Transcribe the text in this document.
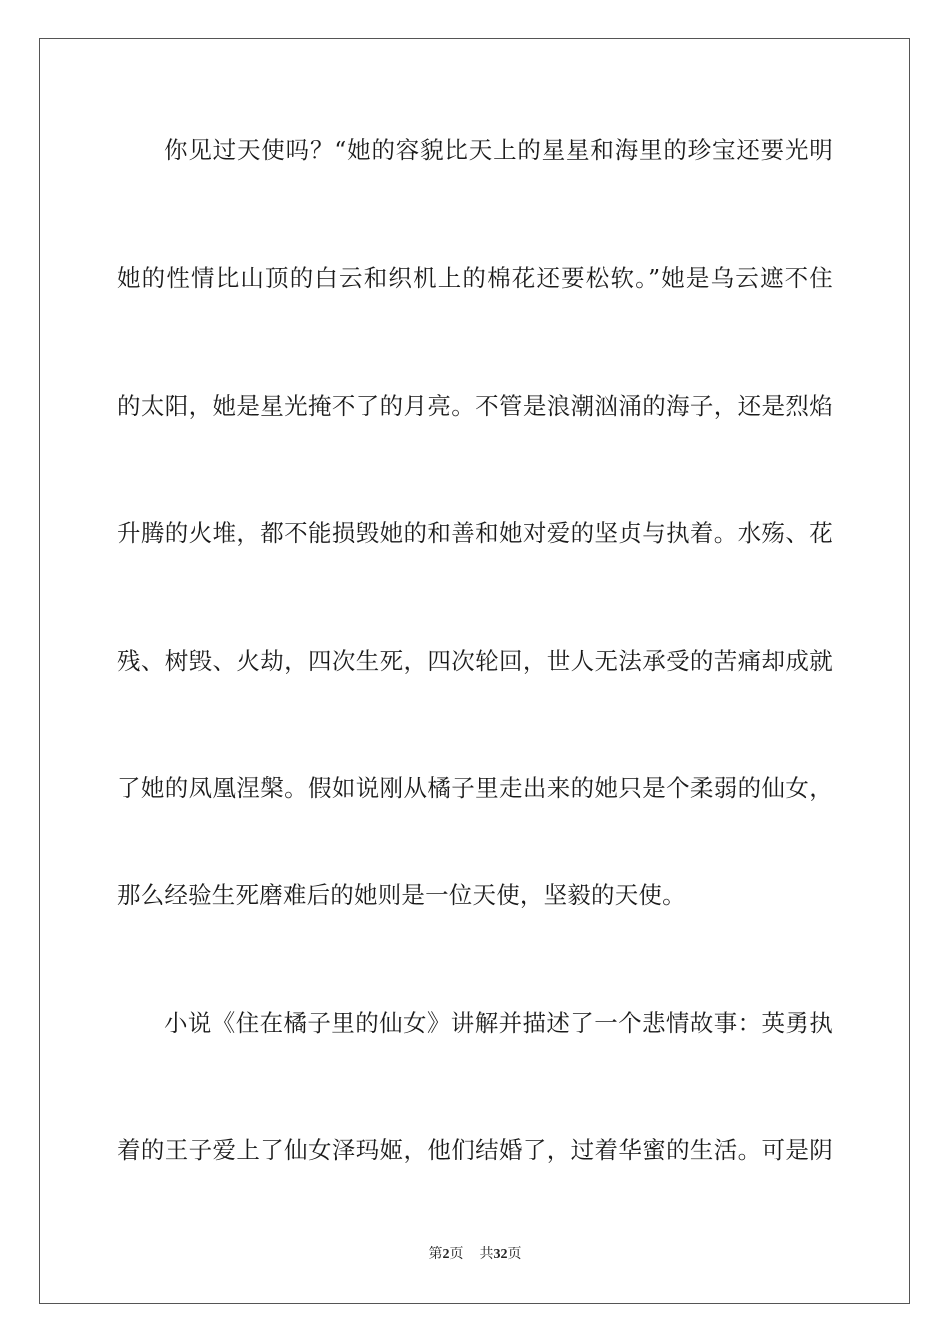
你见过天使吗？“她的容貌比天上的星星和海里的珍宝还要光明
她的性情比山顶的白云和织机上的棉花还要松软。”她是乌云遮不住
的太阳，她是星光掩不了的月亮。不管是浪潮汹涌的海子，还是烈焰
升腾的火堆，都不能损毁她的和善和她对爱的坚贞与执着。水殇、花
残、树毁、火劫，四次生死，四次轮回，世人无法承受的苦痛却成就
了她的凤凰涅槃。假如说刚从橘子里走出来的她只是个柔弱的仙女，
那么经验生死磨难后的她则是一位天使，坚毅的天使。
小说《住在橘子里的仙女》讲解并描述了一个悲情故事：英勇执
着的王子爱上了仙女泽玛姬，他们结婚了，过着华蜜的生活。可是阴
第2页 共32页
